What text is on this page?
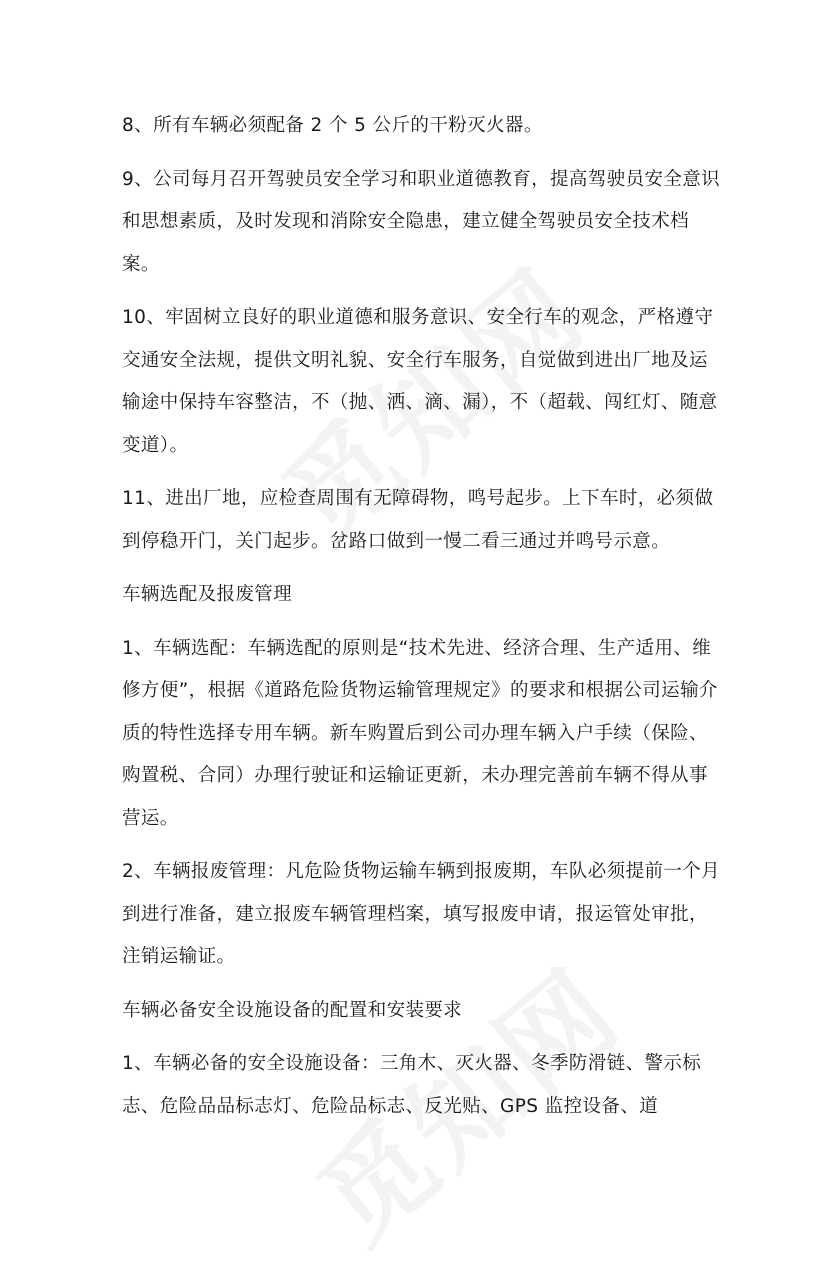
8、所有车辆必须配备 2 个 5 公斤的干粉灭火器。

9、公司每月召开驾驶员安全学习和职业道德教育，提高驾驶员安全意识和思想素质，及时发现和消除安全隐患，建立健全驾驶员安全技术档案。

10、牢固树立良好的职业道德和服务意识、安全行车的观念，严格遵守交通安全法规，提供文明礼貌、安全行车服务，自觉做到进出厂地及运输途中保持车容整洁，不（抛、洒、滴、漏），不（超载、闯红灯、随意变道）。

11、进出厂地，应检查周围有无障碍物，鸣号起步。上下车时，必须做到停稳开门，关门起步。岔路口做到一慢二看三通过并鸣号示意。

车辆选配及报废管理

1、车辆选配：车辆选配的原则是“技术先进、经济合理、生产适用、维修方便”，根据《道路危险货物运输管理规定》的要求和根据公司运输介质的特性选择专用车辆。新车购置后到公司办理车辆入户手续（保险、购置税、合同）办理行驶证和运输证更新，未办理完善前车辆不得从事营运。

2、车辆报废管理：凡危险货物运输车辆到报废期，车队必须提前一个月到进行准备，建立报废车辆管理档案，填写报废申请，报运管处审批，注销运输证。

车辆必备安全设施设备的配置和安装要求

1、车辆必备的安全设施设备：三角木、灭火器、冬季防滑链、警示标志、危险品品标志灯、危险品标志、反光贴、GPS 监控设备、道
